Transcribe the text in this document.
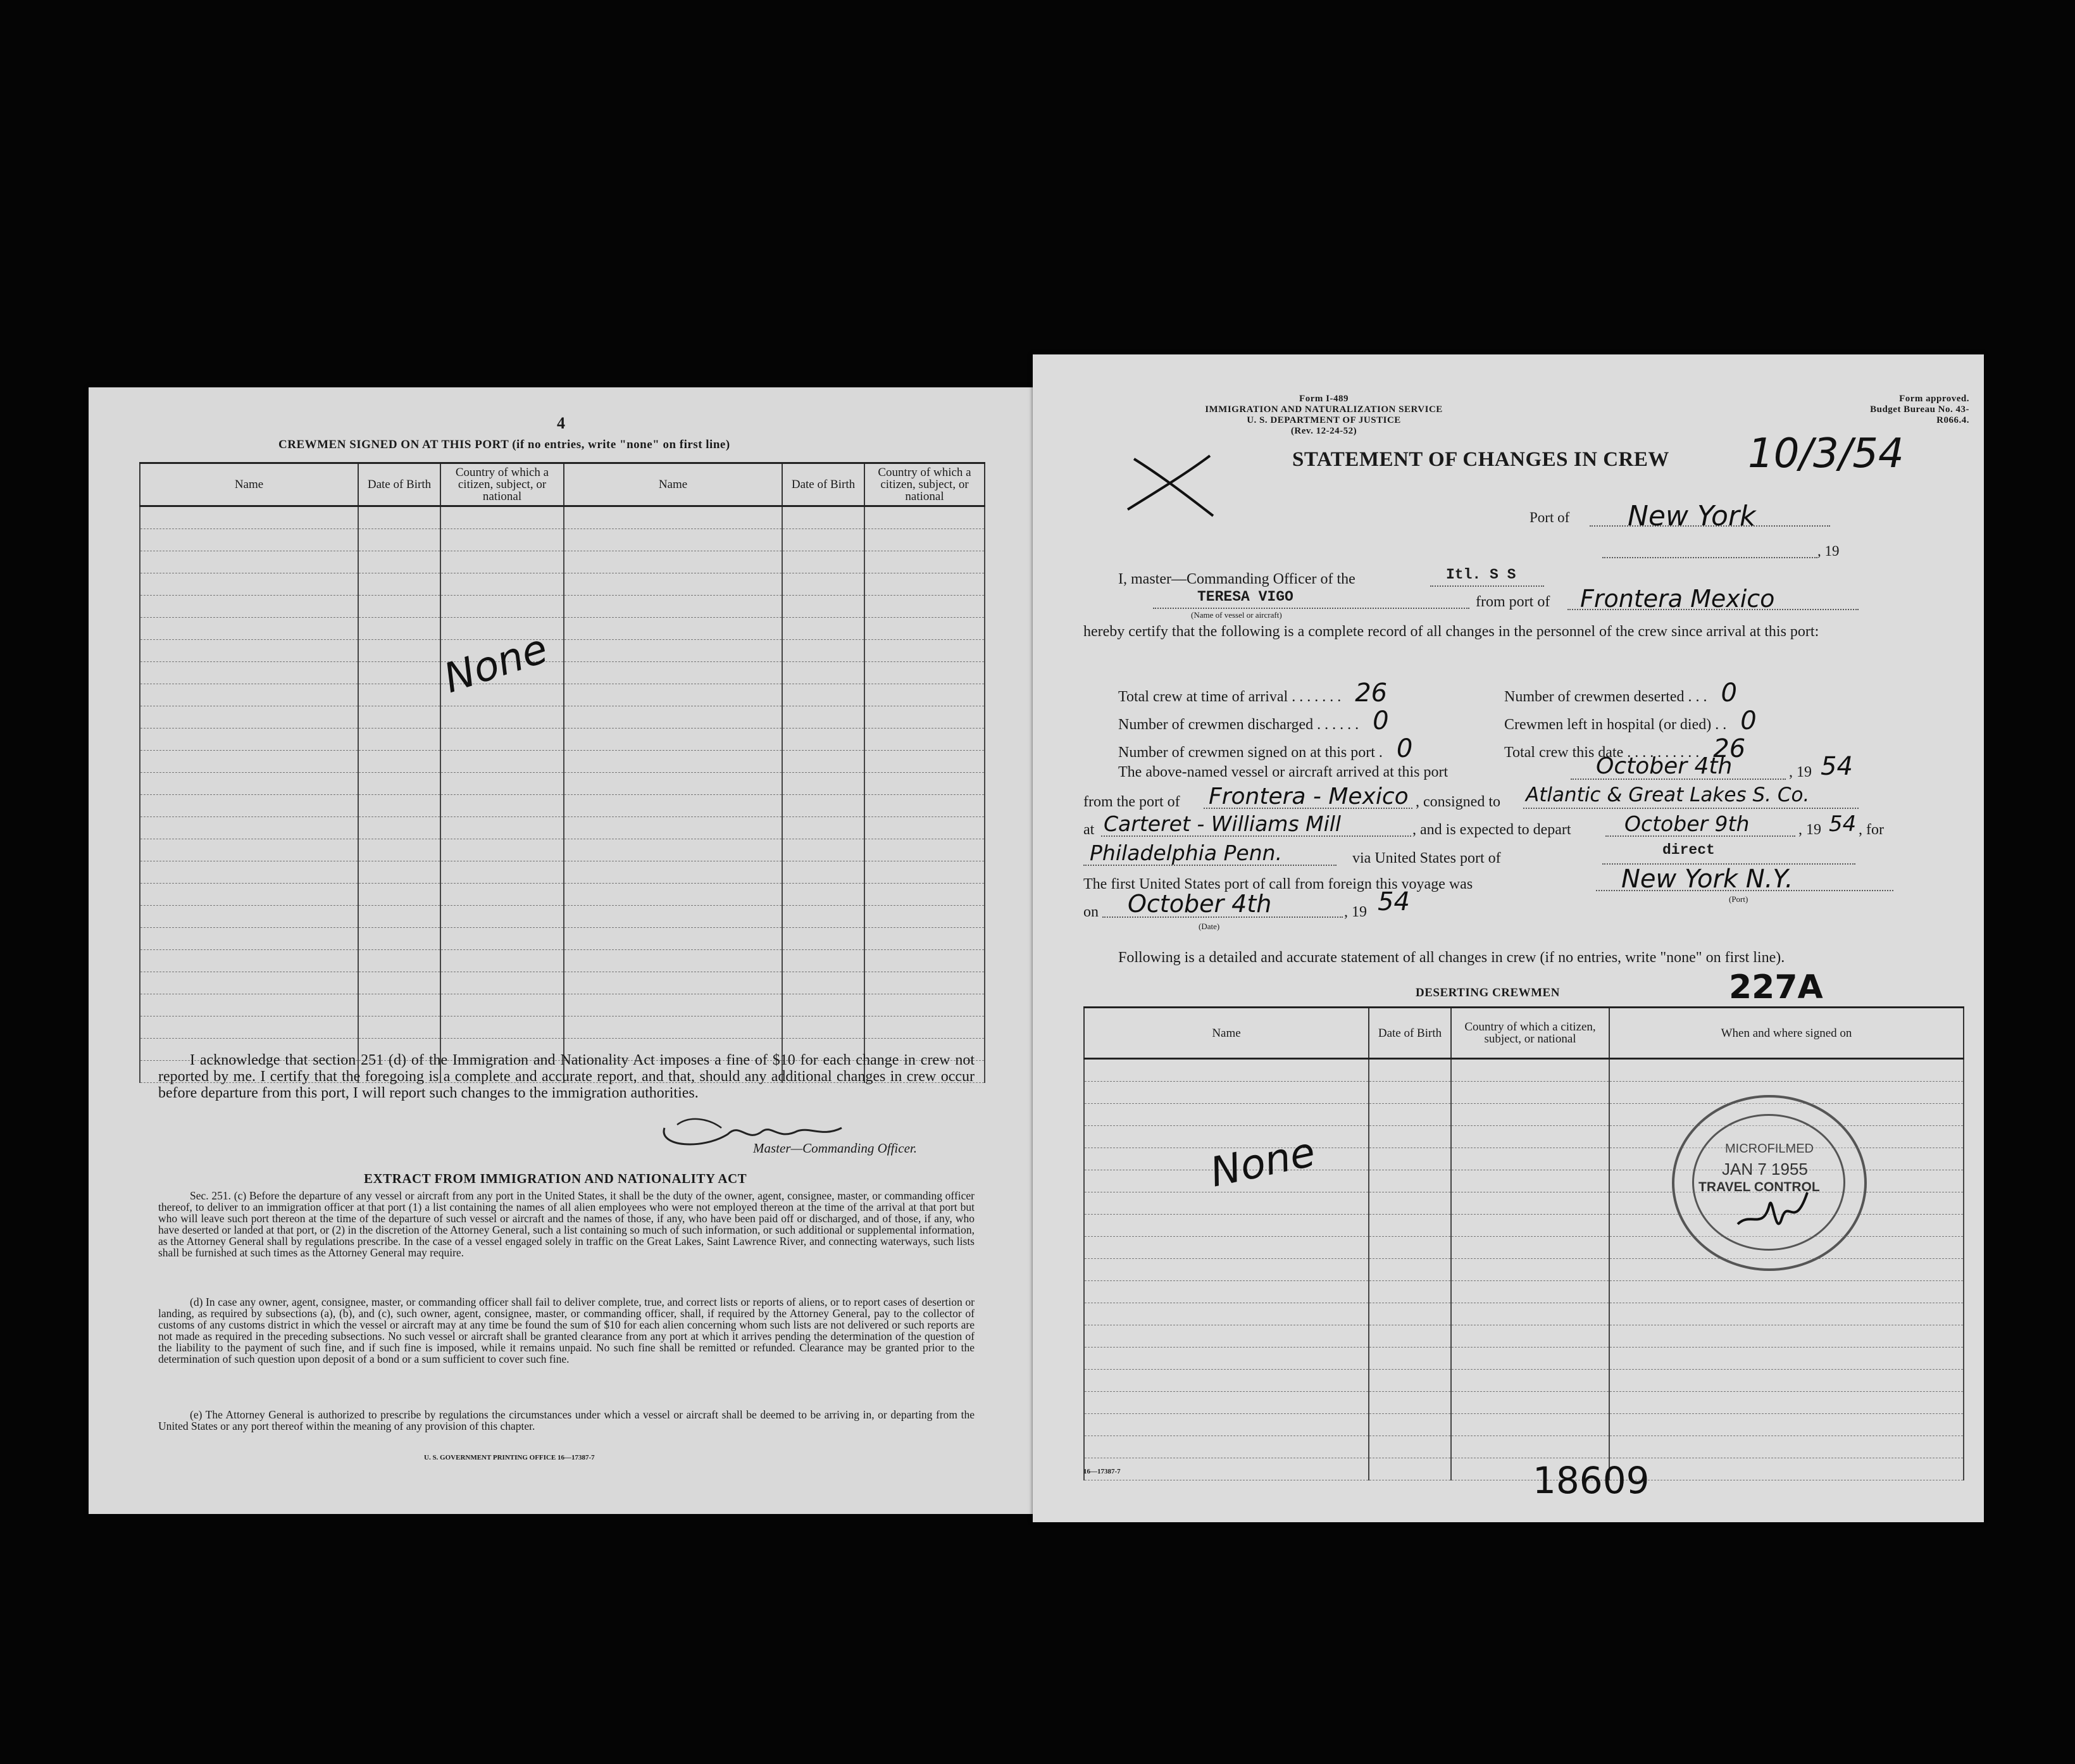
4
CREWMEN SIGNED ON AT THIS PORT (if no entries, write "none" on first line)
Name	Date of Birth	Country of which a citizen, subject, or national	Name	Date of Birth	Country of which a citizen, subject, or national

None
I acknowledge that section 251 (d) of the Immigration and Nationality Act imposes a fine of $10 for each change in crew not reported by me. I certify that the foregoing is a complete and accurate report, and that, should any additional changes in crew occur before departure from this port, I will report such changes to the immigration authorities.
Master—Commanding Officer.
EXTRACT FROM IMMIGRATION AND NATIONALITY ACT
Sec. 251. (c) Before the departure of any vessel or aircraft from any port in the United States, it shall be the duty of the owner, agent, consignee, master, or commanding officer thereof, to deliver to an immigration officer at that port (1) a list containing the names of all alien employees who were not employed thereon at the time of the arrival at that port but who will leave such port thereon at the time of the departure of such vessel or aircraft and the names of those, if any, who have been paid off or discharged, and of those, if any, who have deserted or landed at that port, or (2) in the discretion of the Attorney General, such a list containing so much of such information, or such additional or supplemental information, as the Attorney General shall by regulations prescribe. In the case of a vessel engaged solely in traffic on the Great Lakes, Saint Lawrence River, and connecting waterways, such lists shall be furnished at such times as the Attorney General may require.
(d) In case any owner, agent, consignee, master, or commanding officer shall fail to deliver complete, true, and correct lists or reports of aliens, or to report cases of desertion or landing, as required by subsections (a), (b), and (c), such owner, agent, consignee, master, or commanding officer, shall, if required by the Attorney General, pay to the collector of customs of any customs district in which the vessel or aircraft may at any time be found the sum of $10 for each alien concerning whom such lists are not delivered or such reports are not made as required in the preceding subsections. No such vessel or aircraft shall be granted clearance from any port at which it arrives pending the determination of the question of the liability to the payment of such fine, and if such fine is imposed, while it remains unpaid. No such fine shall be remitted or refunded. Clearance may be granted prior to the determination of such question upon deposit of a bond or a sum sufficient to cover such fine.
(e) The Attorney General is authorized to prescribe by regulations the circumstances under which a vessel or aircraft shall be deemed to be arriving in, or departing from the United States or any port thereof within the meaning of any provision of this chapter.
U. S. GOVERNMENT PRINTING OFFICE 16—17387-7
Form I-489
IMMIGRATION AND NATURALIZATION SERVICE
U. S. DEPARTMENT OF JUSTICE
(Rev. 12-24-52)
Form approved.
Budget Bureau No. 43-R066.4.
STATEMENT OF CHANGES IN CREW 10/3/54
Port of	New York
, 19
I, master—Commanding Officer of the	Itl. S S
TERESA VIGO
(Name of vessel or aircraft)
from port of	Frontera Mexico
hereby certify that the following is a complete record of all changes in the personnel of the crew since arrival at this port:
Total crew at time of arrival . . . . . . . 26	Number of crewmen deserted . . . 0
Number of crewmen discharged . . . . . . 0	Crewmen left in hospital (or died) . . 0
Number of crewmen signed on at this port . 0	Total crew this date . . . . . . . . . . 26
The above-named vessel or aircraft arrived at this port	October 4th	, 19 54
from the port of Frontera - Mexico , consigned to Atlantic & Great Lakes S. Co.
at Carteret - Williams Mill	, and is expected to depart	October 9th	, 19 54 , for
Philadelphia Penn.	via United States port of	direct
The first United States port of call from foreign this voyage was	New York N.Y.
(Port)
on	October 4th	, 19 54
(Date)
Following is a detailed and accurate statement of all changes in crew (if no entries, write "none" on first line).
DESERTING CREWMEN	227A
Name	Date of Birth	Country of which a citizen, subject, or national	When and where signed on

None	MICROFILMED
JAN 7 1955
TRAVEL CONTROL
16—17387-7	18609
